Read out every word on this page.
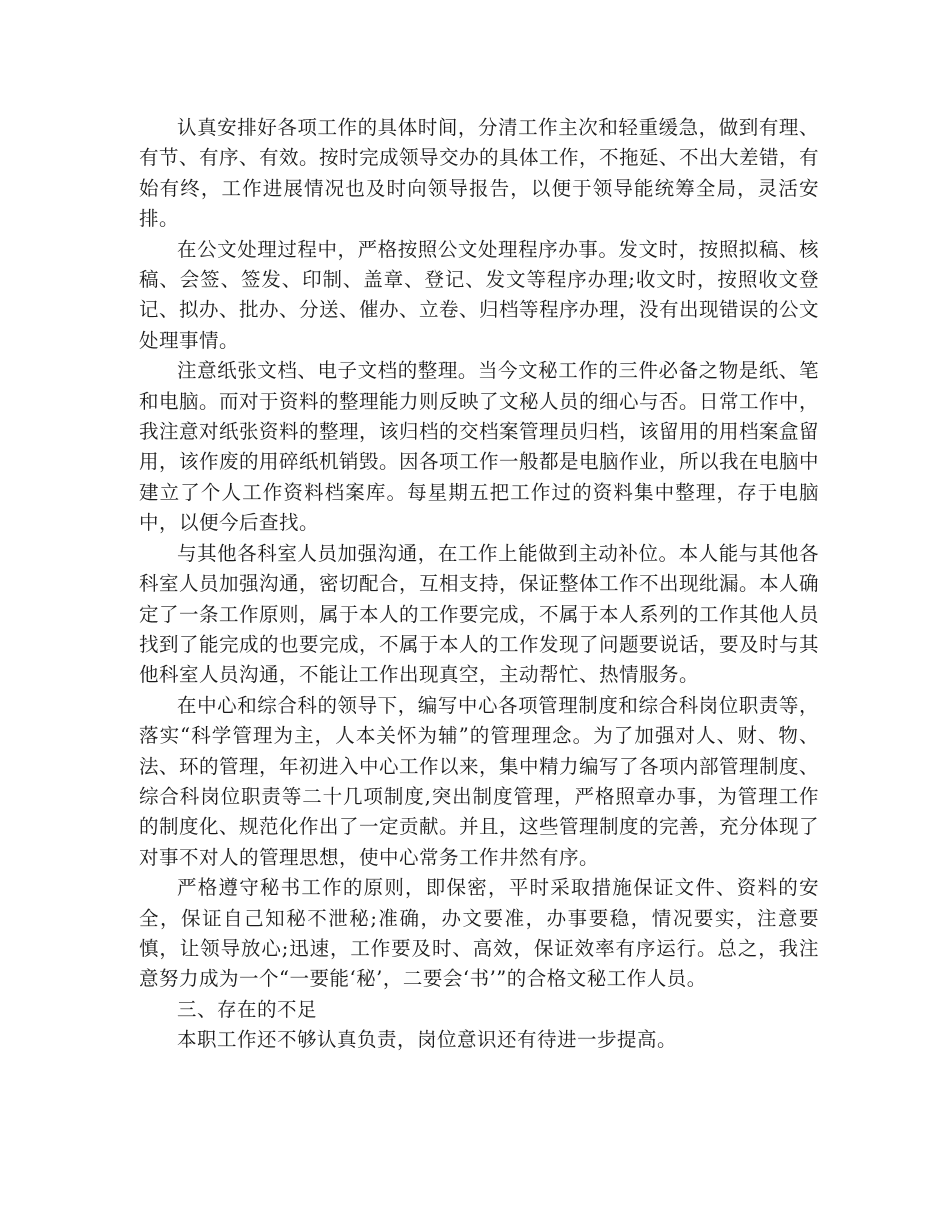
认真安排好各项工作的具体时间，分清工作主次和轻重缓急，做到有理、有节、有序、有效。按时完成领导交办的具体工作，不拖延、不出大差错，有始有终，工作进展情况也及时向领导报告，以便于领导能统筹全局，灵活安排。

在公文处理过程中，严格按照公文处理程序办事。发文时，按照拟稿、核稿、会签、签发、印制、盖章、登记、发文等程序办理;收文时，按照收文登记、拟办、批办、分送、催办、立卷、归档等程序办理，没有出现错误的公文处理事情。

注意纸张文档、电子文档的整理。当今文秘工作的三件必备之物是纸、笔和电脑。而对于资料的整理能力则反映了文秘人员的细心与否。日常工作中，我注意对纸张资料的整理，该归档的交档案管理员归档，该留用的用档案盒留用，该作废的用碎纸机销毁。因各项工作一般都是电脑作业，所以我在电脑中建立了个人工作资料档案库。每星期五把工作过的资料集中整理，存于电脑中，以便今后查找。

与其他各科室人员加强沟通，在工作上能做到主动补位。本人能与其他各科室人员加强沟通，密切配合，互相支持，保证整体工作不出现纰漏。本人确定了一条工作原则，属于本人的工作要完成，不属于本人系列的工作其他人员找到了能完成的也要完成，不属于本人的工作发现了问题要说话，要及时与其他科室人员沟通，不能让工作出现真空，主动帮忙、热情服务。

在中心和综合科的领导下，编写中心各项管理制度和综合科岗位职责等，落实“科学管理为主，人本关怀为辅”的管理理念。为了加强对人、财、物、法、环的管理，年初进入中心工作以来，集中精力编写了各项内部管理制度、综合科岗位职责等二十几项制度,突出制度管理，严格照章办事，为管理工作的制度化、规范化作出了一定贡献。并且，这些管理制度的完善，充分体现了对事不对人的管理思想，使中心常务工作井然有序。

严格遵守秘书工作的原则，即保密，平时采取措施保证文件、资料的安全，保证自己知秘不泄秘;准确，办文要准，办事要稳，情况要实，注意要慎，让领导放心;迅速，工作要及时、高效，保证效率有序运行。总之，我注意努力成为一个“一要能‘秘’，二要会‘书’”的合格文秘工作人员。

三、存在的不足

本职工作还不够认真负责，岗位意识还有待进一步提高。
